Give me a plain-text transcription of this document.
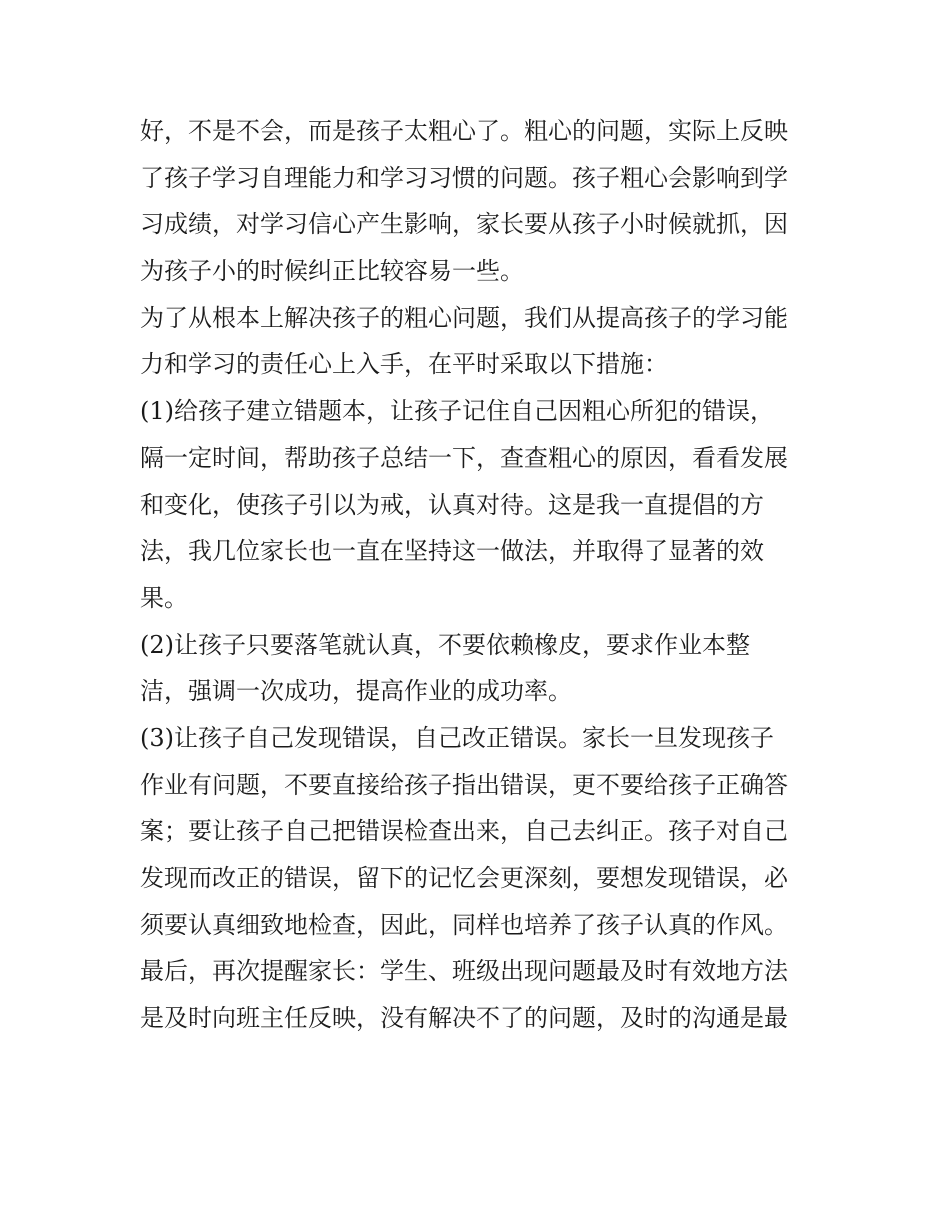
好，不是不会，而是孩子太粗心了。粗心的问题，实际上反映
了孩子学习自理能力和学习习惯的问题。孩子粗心会影响到学
习成绩，对学习信心产生影响，家长要从孩子小时候就抓，因
为孩子小的时候纠正比较容易一些。
为了从根本上解决孩子的粗心问题，我们从提高孩子的学习能
力和学习的责任心上入手，在平时采取以下措施：
(1)给孩子建立错题本，让孩子记住自己因粗心所犯的错误，
隔一定时间，帮助孩子总结一下，查查粗心的原因，看看发展
和变化，使孩子引以为戒，认真对待。这是我一直提倡的方
法，我几位家长也一直在坚持这一做法，并取得了显著的效
果。
(2)让孩子只要落笔就认真，不要依赖橡皮，要求作业本整
洁，强调一次成功，提高作业的成功率。
(3)让孩子自己发现错误，自己改正错误。家长一旦发现孩子
作业有问题，不要直接给孩子指出错误，更不要给孩子正确答
案；要让孩子自己把错误检查出来，自己去纠正。孩子对自己
发现而改正的错误，留下的记忆会更深刻，要想发现错误，必
须要认真细致地检查，因此，同样也培养了孩子认真的作风。
最后，再次提醒家长：学生、班级出现问题最及时有效地方法
是及时向班主任反映，没有解决不了的问题，及时的沟通是最
